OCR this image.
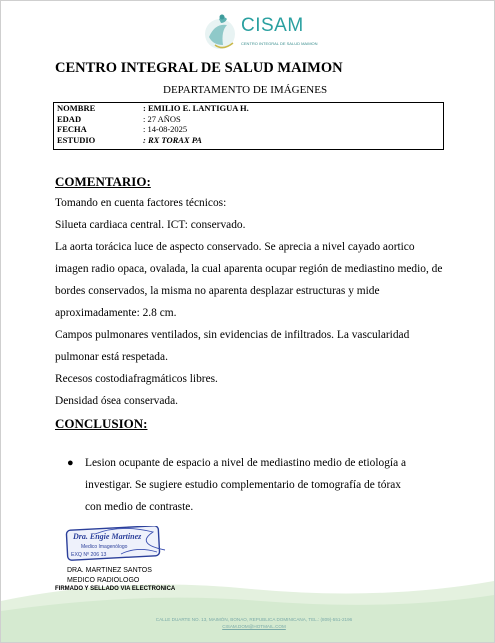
CISAM
CENTRO INTEGRAL DE SALUD MAIMON
CENTRO INTEGRAL DE SALUD MAIMON
DEPARTAMENTO DE IMÁGENES
NOMBRE	: EMILIO E. LANTIGUA H.
EDAD	: 27 AÑOS
FECHA	: 14-08-2025
ESTUDIO	: RX TORAX PA
COMENTARIO:

Tomando en cuenta factores técnicos:

Silueta cardiaca central. ICT: conservado.

La aorta torácica luce de aspecto conservado. Se aprecia a nivel cayado aortico imagen radio opaca, ovalada, la cual aparenta ocupar región de mediastino medio, de bordes conservados, la misma no aparenta desplazar estructuras y mide aproximadamente: 2.8 cm.

Campos pulmonares ventilados, sin evidencias de infiltrados. La vascularidad pulmonar está respetada.

Recesos costodiafragmáticos libres.

Densidad ósea conservada.

CONCLUSION:
● Lesion ocupante de espacio a nivel de mediastino medio de etiología a investigar. Se sugiere estudio complementario de tomografía de tórax con medio de contraste.
Dra. Engie Martinez
Medico Imagenólogo
EXQ Nº 206 13
DRA. MARTINEZ SANTOS
MEDICO RADIOLOGO
FIRMADO Y SELLADO VIA ELECTRONICA
CALLE DUARTE NO. 13, MAIMÓN, BONAO, REPUBLICA DOMINICANA, TEL.: (809)-551-2196
CISAM.DOM@HOTMAIL.COM
